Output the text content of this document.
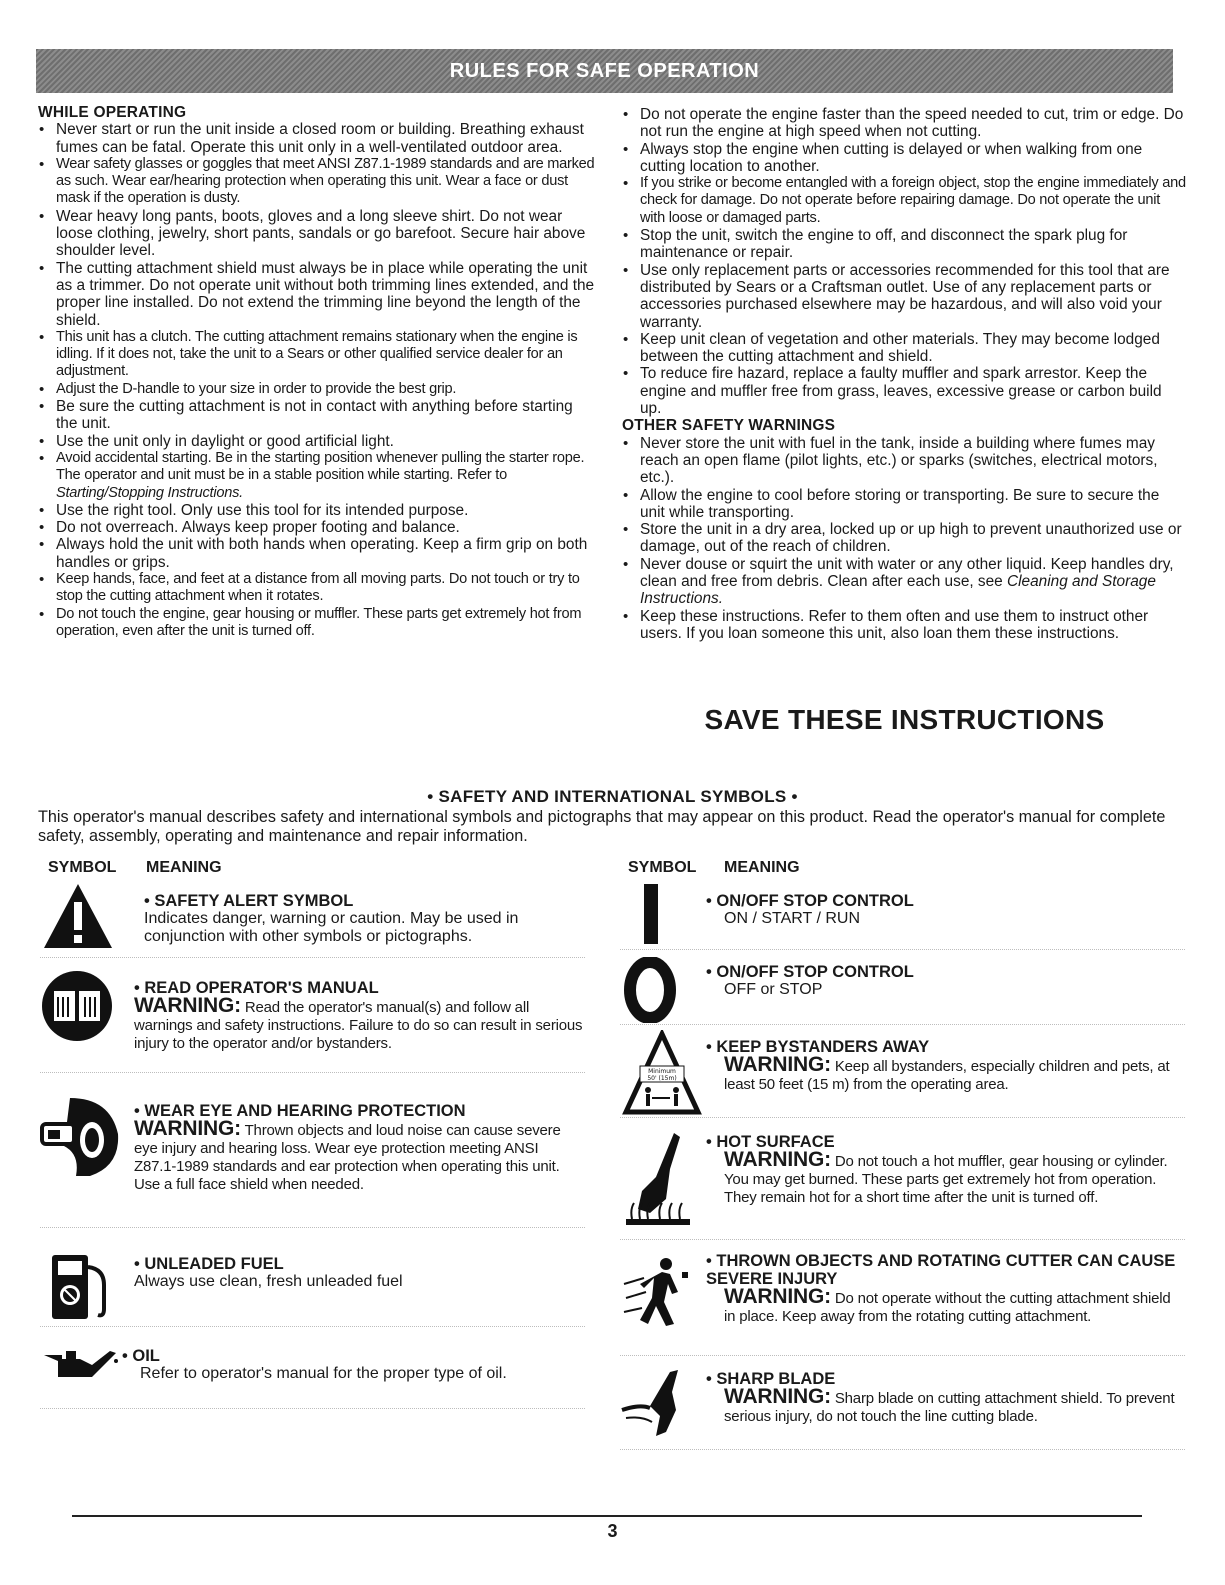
RULES FOR SAFE OPERATION
WHILE OPERATING
• Never start or run the unit inside a closed room or building. Breathing exhaust fumes can be fatal. Operate this unit only in a well-ventilated outdoor area.
• Wear safety glasses or goggles that meet ANSI Z87.1-1989 standards and are marked as such. Wear ear/hearing protection when operating this unit. Wear a face or dust mask if the operation is dusty.
• Wear heavy long pants, boots, gloves and a long sleeve shirt. Do not wear loose clothing, jewelry, short pants, sandals or go barefoot. Secure hair above shoulder level.
• The cutting attachment shield must always be in place while operating the unit as a trimmer. Do not operate unit without both trimming lines extended, and the proper line installed. Do not extend the trimming line beyond the length of the shield.
• This unit has a clutch. The cutting attachment remains stationary when the engine is idling. If it does not, take the unit to a Sears or other qualified service dealer for an adjustment.
• Adjust the D-handle to your size in order to provide the best grip.
• Be sure the cutting attachment is not in contact with anything before starting the unit.
• Use the unit only in daylight or good artificial light.
• Avoid accidental starting. Be in the starting position whenever pulling the starter rope. The operator and unit must be in a stable position while starting. Refer to Starting/Stopping Instructions.
• Use the right tool. Only use this tool for its intended purpose.
• Do not overreach. Always keep proper footing and balance.
• Always hold the unit with both hands when operating. Keep a firm grip on both handles or grips.
• Keep hands, face, and feet at a distance from all moving parts. Do not touch or try to stop the cutting attachment when it rotates.
• Do not touch the engine, gear housing or muffler. These parts get extremely hot from operation, even after the unit is turned off.
• Do not operate the engine faster than the speed needed to cut, trim or edge. Do not run the engine at high speed when not cutting.
• Always stop the engine when cutting is delayed or when walking from one cutting location to another.
• If you strike or become entangled with a foreign object, stop the engine immediately and check for damage. Do not operate before repairing damage. Do not operate the unit with loose or damaged parts.
• Stop the unit, switch the engine to off, and disconnect the spark plug for maintenance or repair.
• Use only replacement parts or accessories recommended for this tool that are distributed by Sears or a Craftsman outlet. Use of any replacement parts or accessories purchased elsewhere may be hazardous, and will also void your warranty.
• Keep unit clean of vegetation and other materials. They may become lodged between the cutting attachment and shield.
• To reduce fire hazard, replace a faulty muffler and spark arrestor. Keep the engine and muffler free from grass, leaves, excessive grease or carbon build up.
OTHER SAFETY WARNINGS
• Never store the unit with fuel in the tank, inside a building where fumes may reach an open flame (pilot lights, etc.) or sparks (switches, electrical motors, etc.).
• Allow the engine to cool before storing or transporting. Be sure to secure the unit while transporting.
• Store the unit in a dry area, locked up or up high to prevent unauthorized use or damage, out of the reach of children.
• Never douse or squirt the unit with water or any other liquid. Keep handles dry, clean and free from debris. Clean after each use, see Cleaning and Storage Instructions.
• Keep these instructions. Refer to them often and use them to instruct other users. If you loan someone this unit, also loan them these instructions.
SAVE THESE INSTRUCTIONS
• SAFETY AND INTERNATIONAL SYMBOLS •
This operator's manual describes safety and international symbols and pictographs that may appear on this product. Read the operator's manual for complete safety, assembly, operating and maintenance and repair information.
SYMBOL MEANING	SYMBOL MEANING
• SAFETY ALERT SYMBOL
Indicates danger, warning or caution. May be used in conjunction with other symbols or pictographs.
• READ OPERATOR'S MANUAL
WARNING: Read the operator's manual(s) and follow all warnings and safety instructions. Failure to do so can result in serious injury to the operator and/or bystanders.
• WEAR EYE AND HEARING PROTECTION
WARNING: Thrown objects and loud noise can cause severe eye injury and hearing loss. Wear eye protection meeting ANSI Z87.1-1989 standards and ear protection when operating this unit. Use a full face shield when needed.
• UNLEADED FUEL
Always use clean, fresh unleaded fuel
• OIL
Refer to operator's manual for the proper type of oil.
• ON/OFF STOP CONTROL
ON / START / RUN
• ON/OFF STOP CONTROL
OFF or STOP
Minimum
50' (15m)
• KEEP BYSTANDERS AWAY
WARNING: Keep all bystanders, especially children and pets, at least 50 feet (15 m) from the operating area.
• HOT SURFACE
WARNING: Do not touch a hot muffler, gear housing or cylinder. You may get burned. These parts get extremely hot from operation. They remain hot for a short time after the unit is turned off.
• THROWN OBJECTS AND ROTATING CUTTER CAN CAUSE SEVERE INJURY
WARNING: Do not operate without the cutting attachment shield in place. Keep away from the rotating cutting attachment.
• SHARP BLADE
WARNING: Sharp blade on cutting attachment shield. To prevent serious injury, do not touch the line cutting blade.
3
